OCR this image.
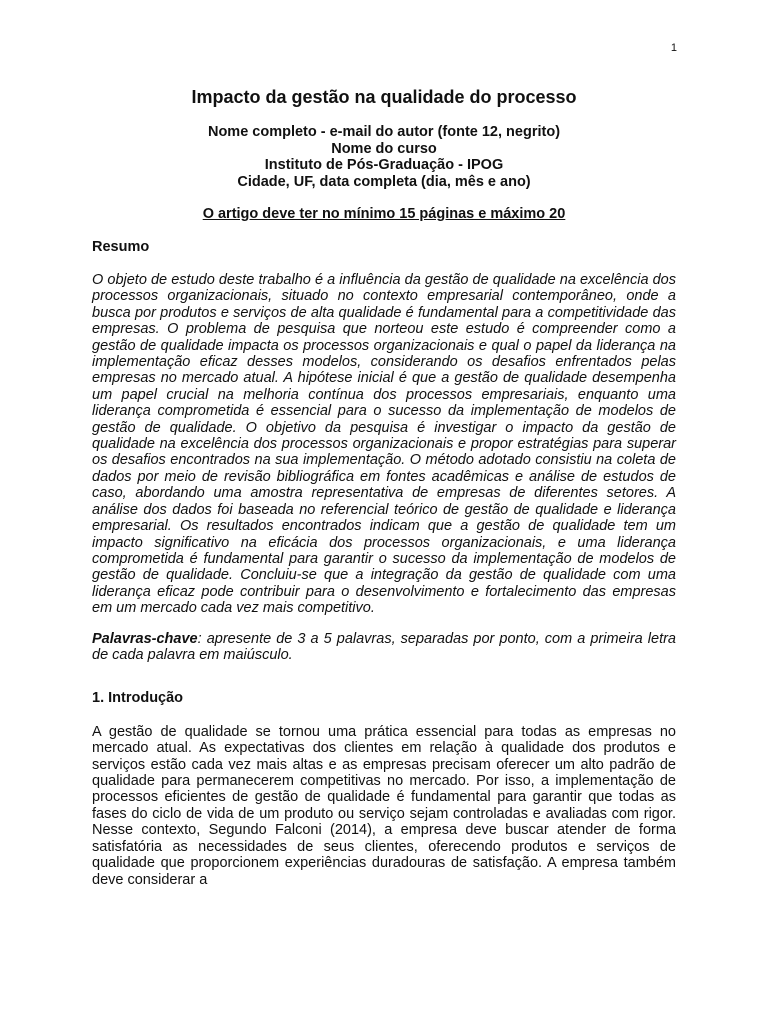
1
Impacto da gestão na qualidade do processo
Nome completo - e-mail do autor (fonte 12, negrito)
Nome do curso
Instituto de Pós-Graduação - IPOG
Cidade, UF, data completa (dia, mês e ano)
O artigo deve ter no mínimo 15 páginas e máximo 20
Resumo

O objeto de estudo deste trabalho é a influência da gestão de qualidade na excelência dos processos organizacionais, situado no contexto empresarial contemporâneo, onde a busca por produtos e serviços de alta qualidade é fundamental para a competitividade das empresas. O problema de pesquisa que norteou este estudo é compreender como a gestão de qualidade impacta os processos organizacionais e qual o papel da liderança na implementação eficaz desses modelos, considerando os desafios enfrentados pelas empresas no mercado atual. A hipótese inicial é que a gestão de qualidade desempenha um papel crucial na melhoria contínua dos processos empresariais, enquanto uma liderança comprometida é essencial para o sucesso da implementação de modelos de gestão de qualidade. O objetivo da pesquisa é investigar o impacto da gestão de qualidade na excelência dos processos organizacionais e propor estratégias para superar os desafios encontrados na sua implementação. O método adotado consistiu na coleta de dados por meio de revisão bibliográfica em fontes acadêmicas e análise de estudos de caso, abordando uma amostra representativa de empresas de diferentes setores. A análise dos dados foi baseada no referencial teórico de gestão de qualidade e liderança empresarial. Os resultados encontrados indicam que a gestão de qualidade tem um impacto significativo na eficácia dos processos organizacionais, e uma liderança comprometida é fundamental para garantir o sucesso da implementação de modelos de gestão de qualidade. Concluiu-se que a integração da gestão de qualidade com uma liderança eficaz pode contribuir para o desenvolvimento e fortalecimento das empresas em um mercado cada vez mais competitivo.

Palavras-chave: apresente de 3 a 5 palavras, separadas por ponto, com a primeira letra de cada palavra em maiúsculo.

1. Introdução

A gestão de qualidade se tornou uma prática essencial para todas as empresas no mercado atual. As expectativas dos clientes em relação à qualidade dos produtos e serviços estão cada vez mais altas e as empresas precisam oferecer um alto padrão de qualidade para permanecerem competitivas no mercado. Por isso, a implementação de processos eficientes de gestão de qualidade é fundamental para garantir que todas as fases do ciclo de vida de um produto ou serviço sejam controladas e avaliadas com rigor. Nesse contexto, Segundo Falconi (2014), a empresa deve buscar atender de forma satisfatória as necessidades de seus clientes, oferecendo produtos e serviços de qualidade que proporcionem experiências duradouras de satisfação. A empresa também deve considerar a
